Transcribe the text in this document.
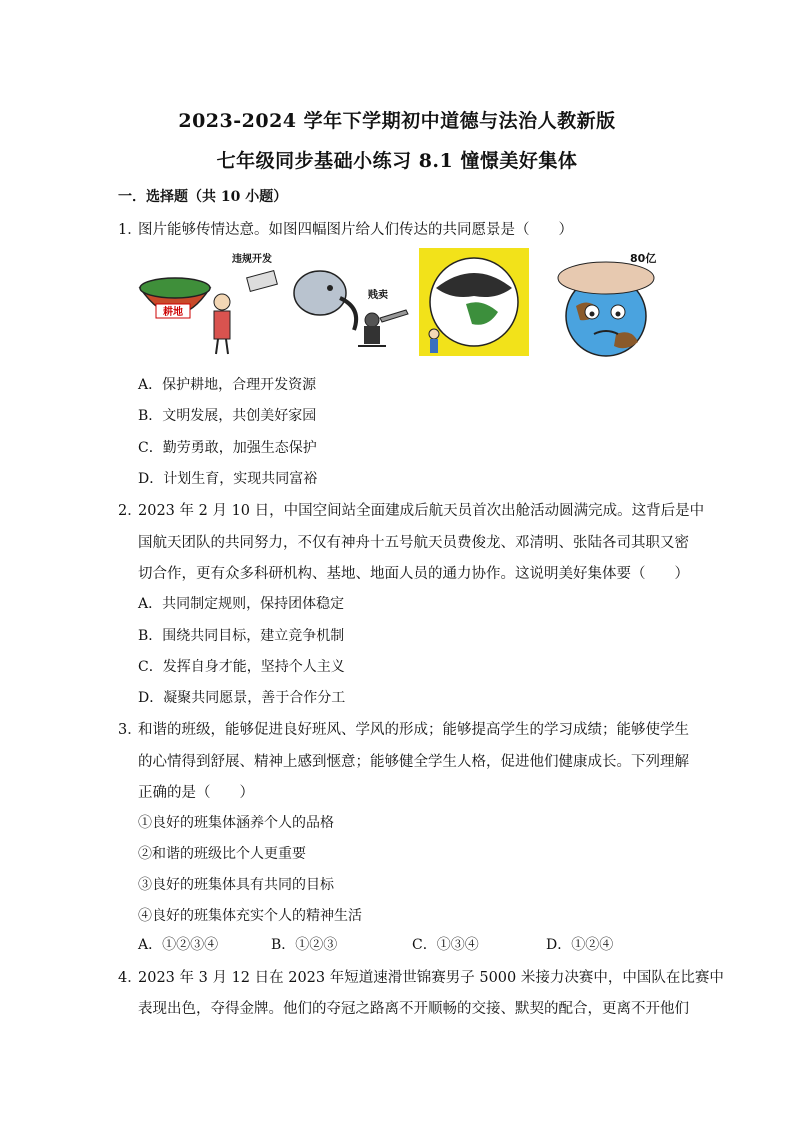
2023-2024 学年下学期初中道德与法治人教新版
七年级同步基础小练习 8.1 憧憬美好集体
一．选择题（共 10 小题）
1．
图片能够传情达意。如图四幅图片给人们传达的共同愿景是（　　）
耕地
违规开发
贱卖
80亿
A．保护耕地，合理开发资源
B．文明发展，共创美好家园
C．勤劳勇敢，加强生态保护
D．计划生育，实现共同富裕
2．
2023 年 2 月 10 日，中国空间站全面建成后航天员首次出舱活动圆满完成。这背后是中
国航天团队的共同努力，不仅有神舟十五号航天员费俊龙、邓清明、张陆各司其职又密
切合作，更有众多科研机构、基地、地面人员的通力协作。这说明美好集体要（　　）
A．共同制定规则，保持团体稳定
B．围绕共同目标，建立竞争机制
C．发挥自身才能，坚持个人主义
D．凝聚共同愿景，善于合作分工
3．
和谐的班级，能够促进良好班风、学风的形成；能够提高学生的学习成绩；能够使学生
的心情得到舒展、精神上感到惬意；能够健全学生人格，促进他们健康成长。下列理解
正确的是（　　）
①良好的班集体涵养个人的品格
②和谐的班级比个人更重要
③良好的班集体具有共同的目标
④良好的班集体充实个人的精神生活
A．①②③④	B．①②③	C．①③④	D．①②④
4．
2023 年 3 月 12 日在 2023 年短道速滑世锦赛男子 5000 米接力决赛中，中国队在比赛中
表现出色，夺得金牌。他们的夺冠之路离不开顺畅的交接、默契的配合，更离不开他们
